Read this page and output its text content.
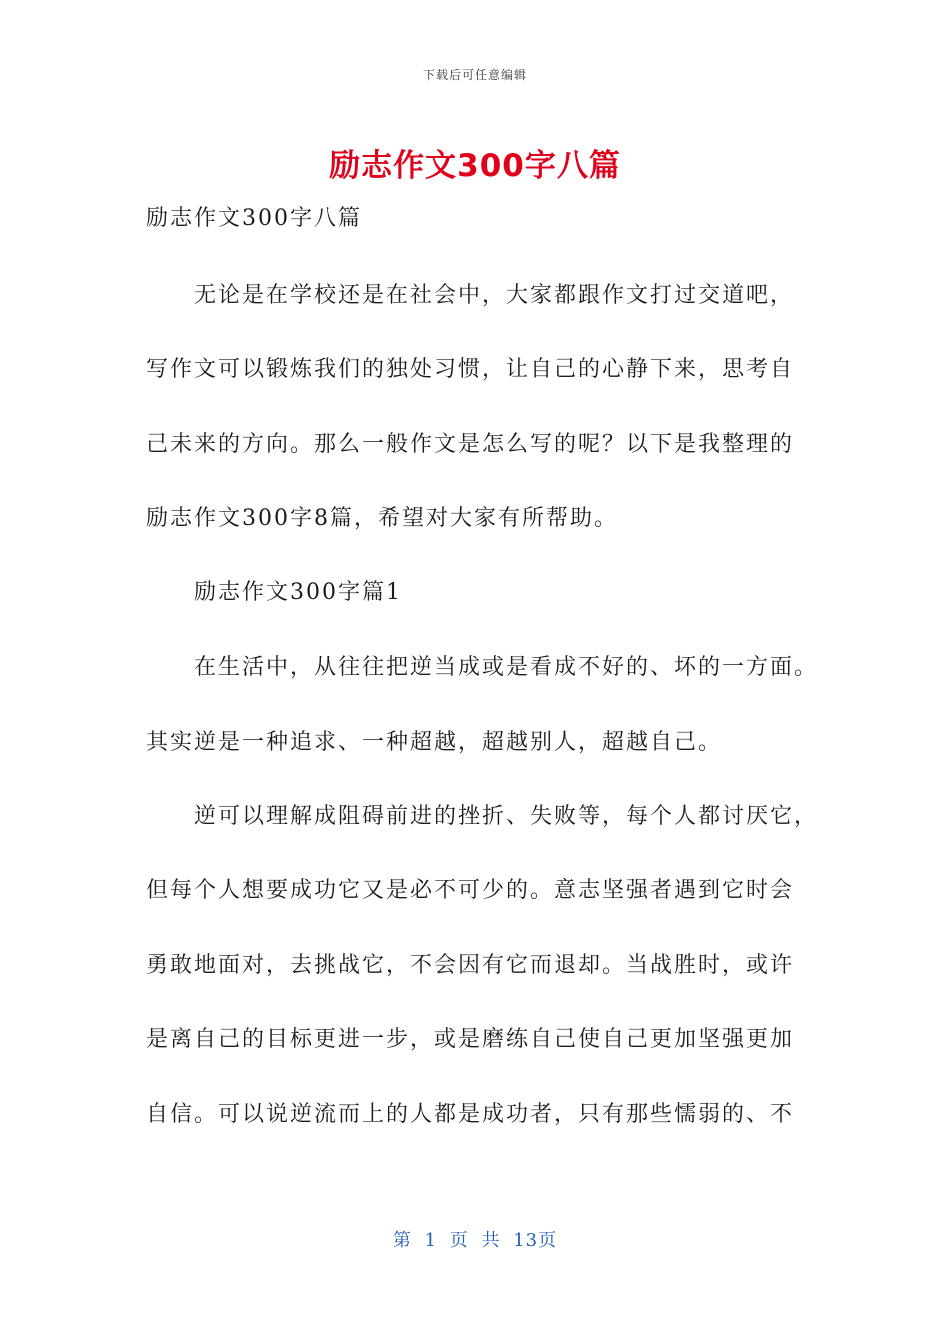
下载后可任意编辑
励志作文300字八篇
励志作文300字八篇
无论是在学校还是在社会中，大家都跟作文打过交道吧，
写作文可以锻炼我们的独处习惯，让自己的心静下来，思考自
己未来的方向。那么一般作文是怎么写的呢？以下是我整理的
励志作文300字8篇，希望对大家有所帮助。
励志作文300字篇1
在生活中，从往往把逆当成或是看成不好的、坏的一方面。
其实逆是一种追求、一种超越，超越别人，超越自己。
逆可以理解成阻碍前进的挫折、失败等，每个人都讨厌它，
但每个人想要成功它又是必不可少的。意志坚强者遇到它时会
勇敢地面对，去挑战它，不会因有它而退却。当战胜时，或许
是离自己的目标更进一步，或是磨练自己使自己更加坚强更加
自信。可以说逆流而上的人都是成功者，只有那些懦弱的、不
第 1 页 共 13页
